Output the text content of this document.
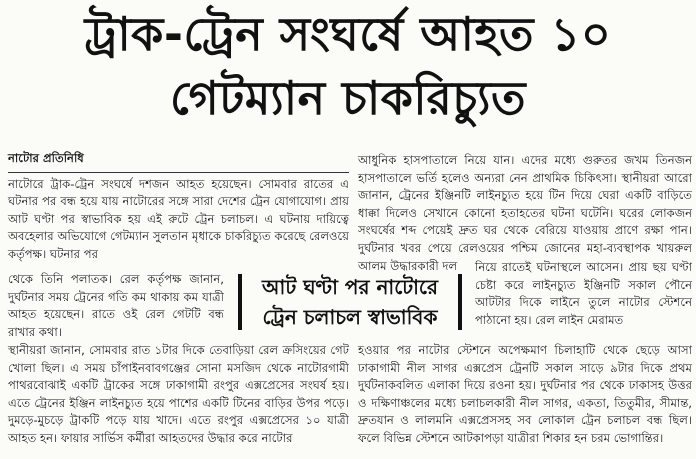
ট্রাক-ট্রেন সংঘর্ষে আহত ১০
গেটম্যান চাকরিচ্যুত

নাটোর প্রতিনিধি

নাটোরে ট্রাক-ট্রেন সংঘর্ষে দশজন আহত হয়েছেন। সোমবার রাতের এ ঘটনার পর বন্ধ হয়ে যায় নাটোরের সঙ্গে সারা দেশের ট্রেন যোগাযোগ। প্রায় আট ঘণ্টা পর স্বাভাবিক হয় এই রুটে ট্রেন চলাচল। এ ঘটনায় দায়িত্বে অবহেলার অভিযোগে গেটম্যান সুলতান মৃধাকে চাকরিচ্যুত করেছে রেলওয়ে কর্তৃপক্ষ। ঘটনার পর

থেকে তিনি পলাতক। রেল কর্তৃপক্ষ জানান, দুর্ঘটনার সময় ট্রেনের গতি কম থাকায় কম যাত্রী আহত হয়েছেন। রাতে ওই রেল গেটটি বন্ধ রাখার কথা।

স্থানীয়রা জানান, সোমবার রাত ১টার দিকে তেবাড়িয়া রেল ক্রসিংয়ের গেট খোলা ছিল। এ সময় চাঁপাইনবাবগঞ্জের সোনা মসজিদ থেকে নাটোরগামী পাথরবোঝাই একটি ট্রাকের সঙ্গে ঢাকাগামী রংপুর এক্সপ্রেসের সংঘর্ষ হয়। এতে ট্রেনের ইঞ্জিন লাইনচ্যুত হয়ে পাশের একটি টিনের বাড়ির উপর পড়ে। দুমড়ে-মুচড়ে ট্রাকটি পড়ে যায় খাদে। এতে রংপুর এক্সপ্রেসের ১০ যাত্রী আহত হন। ফায়ার সার্ভিস কর্মীরা আহতদের উদ্ধার করে নাটোর

আধুনিক হাসপাতালে নিয়ে যান। এদের মধ্যে গুরুতর জখম তিনজন হাসপাতালে ভর্তি হলেও অন্যরা নেন প্রাথমিক চিকিৎসা। স্থানীয়রা আরো জানান, ট্রেনের ইঞ্জিনটি লাইনচ্যুত হয়ে টিন দিয়ে ঘেরা একটি বাড়িতে ধাক্কা দিলেও সেখানে কোনো হতাহতের ঘটনা ঘটেনি। ঘরের লোকজন সংঘর্ষের শব্দ পেয়েই দ্রুত ঘর থেকে বেরিয়ে যাওয়ায় প্রাণে রক্ষা পান। দুর্ঘটনার খবর পেয়ে রেলওয়ের পশ্চিম জোনের মহা-ব্যবস্থাপক খায়রুল আলম উদ্ধারকারী দল	নিয়ে রাতেই ঘটনাস্থলে আসেন। প্রায় ছয় ঘণ্টা চেষ্টা করে লাইনচ্যুত ইঞ্জিনটি সকাল পৌনে আটটার দিকে লাইনে তুলে নাটোর স্টেশনে পাঠানো হয়। রেল লাইন মেরামত

হওয়ার পর নাটোর স্টেশনে অপেক্ষমাণ চিলাহাটি থেকে ছেড়ে আসা ঢাকাগামী নীল সাগর এক্সপ্রেস ট্রেনটি সকাল সাড়ে ৯টার দিকে প্রথম দুর্ঘটনাকবলিত এলাকা দিয়ে রওনা হয়। দুর্ঘটনার পর থেকে ঢাকাসহ উত্তর ও দক্ষিণাঞ্চলের মধ্যে চলাচলকারী নীল সাগর, একতা, তিতুমীর, সীমান্ত, দ্রুতযান ও লালমনি এক্সপ্রেসসহ সব লোকাল ট্রেন চলাচল বন্ধ ছিল। ফলে বিভিন্ন স্টেশনে আটকাপড়া যাত্রীরা শিকার হন চরম ভোগান্তির।

আট ঘণ্টা পর নাটোরে
ট্রেন চলাচল স্বাভাবিক
